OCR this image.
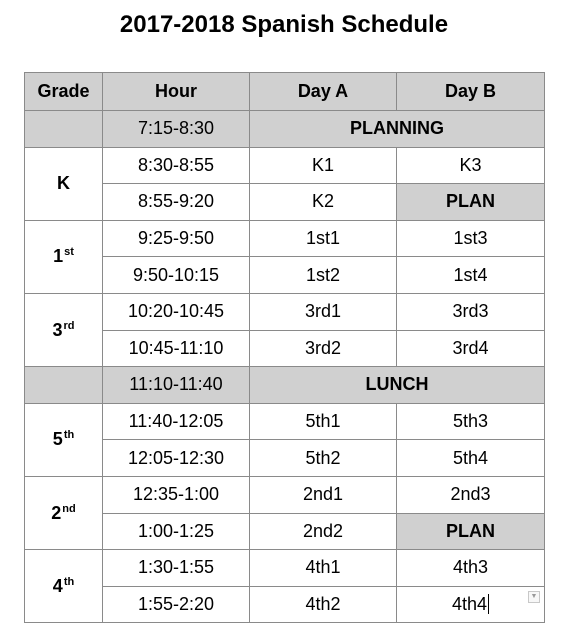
2017-2018 Spanish Schedule
Grade	Hour	Day A	Day B
	7:15-8:30	PLANNING	
K	8:30-8:55	K1	K3
	8:55-9:20	K2	PLAN
1st	9:25-9:50	1st1	1st3
	9:50-10:15	1st2	1st4
3rd	10:20-10:45	3rd1	3rd3
	10:45-11:10	3rd2	3rd4
	11:10-11:40	LUNCH	
5th	11:40-12:05	5th1	5th3
	12:05-12:30	5th2	5th4
2nd	12:35-1:00	2nd1	2nd3
	1:00-1:25	2nd2	PLAN
4th	1:30-1:55	4th1	4th3
	1:55-2:20	4th2	4th4	▼
